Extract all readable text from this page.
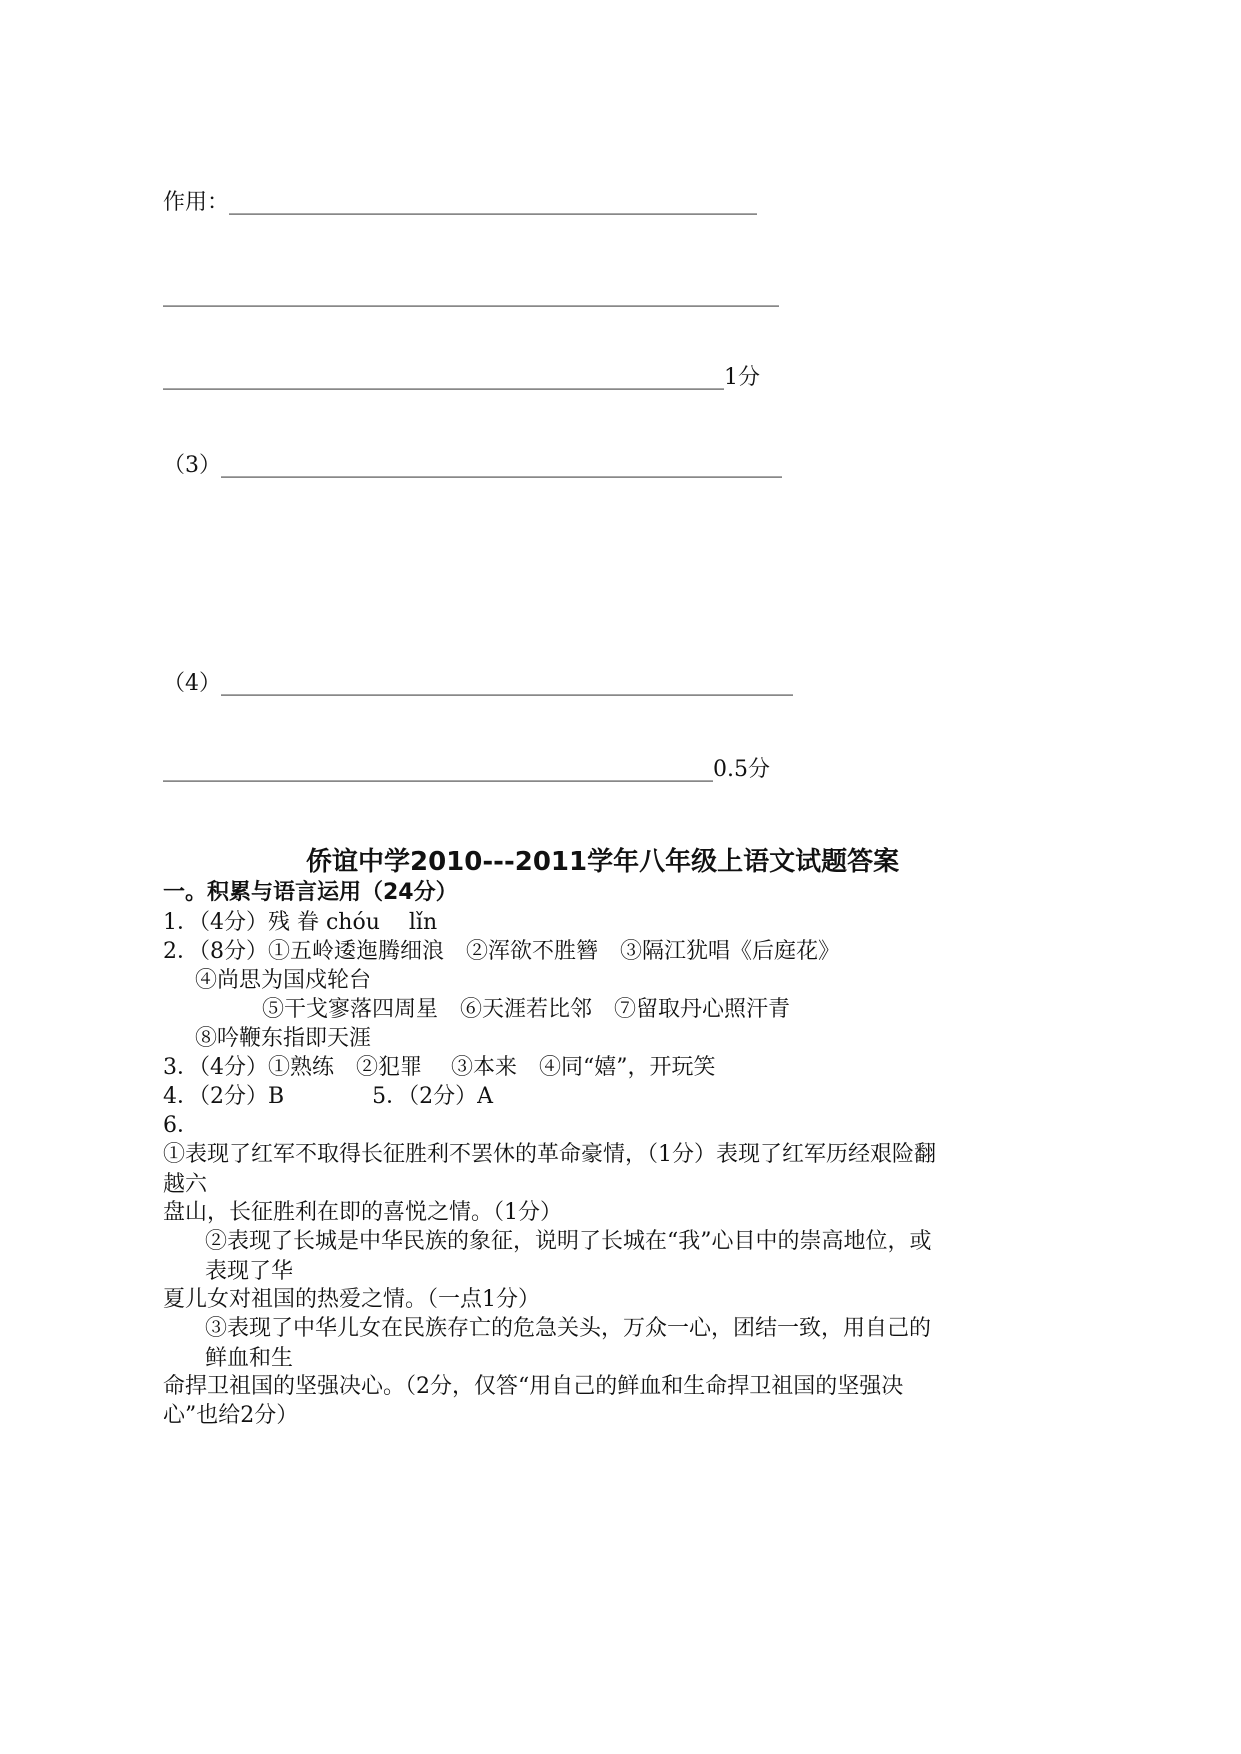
作用：________________________________________________
________________________________________________________
___________________________________________________1分
（3）___________________________________________________
（4）____________________________________________________
__________________________________________________0.5分
侨谊中学2010---2011学年八年级上语文试题答案
一。积累与语言运用（24分）
1．（4分）残 眷 chóu　 lǐn
2．（8分）①五岭逶迤腾细浪　②浑欲不胜簪　③隔江犹唱《后庭花》
④尚思为国戍轮台
⑤干戈寥落四周星　⑥天涯若比邻　⑦留取丹心照汗青
⑧吟鞭东指即天涯
3．（4分）①熟练　②犯罪　 ③本来　④同“嬉”，开玩笑
4．（2分）B　　　　5．（2分）A
6．
①表现了红军不取得长征胜利不罢休的革命豪情，（1分）表现了红军历经艰险翻越六
盘山，长征胜利在即的喜悦之情。（1分）
②表现了长城是中华民族的象征，说明了长城在“我”心目中的崇高地位，或表现了华
夏儿女对祖国的热爱之情。（一点1分）
③表现了中华儿女在民族存亡的危急关头，万众一心，团结一致，用自己的鲜血和生
命捍卫祖国的坚强决心。（2分，仅答“用自己的鲜血和生命捍卫祖国的坚强决
心”也给2分）
